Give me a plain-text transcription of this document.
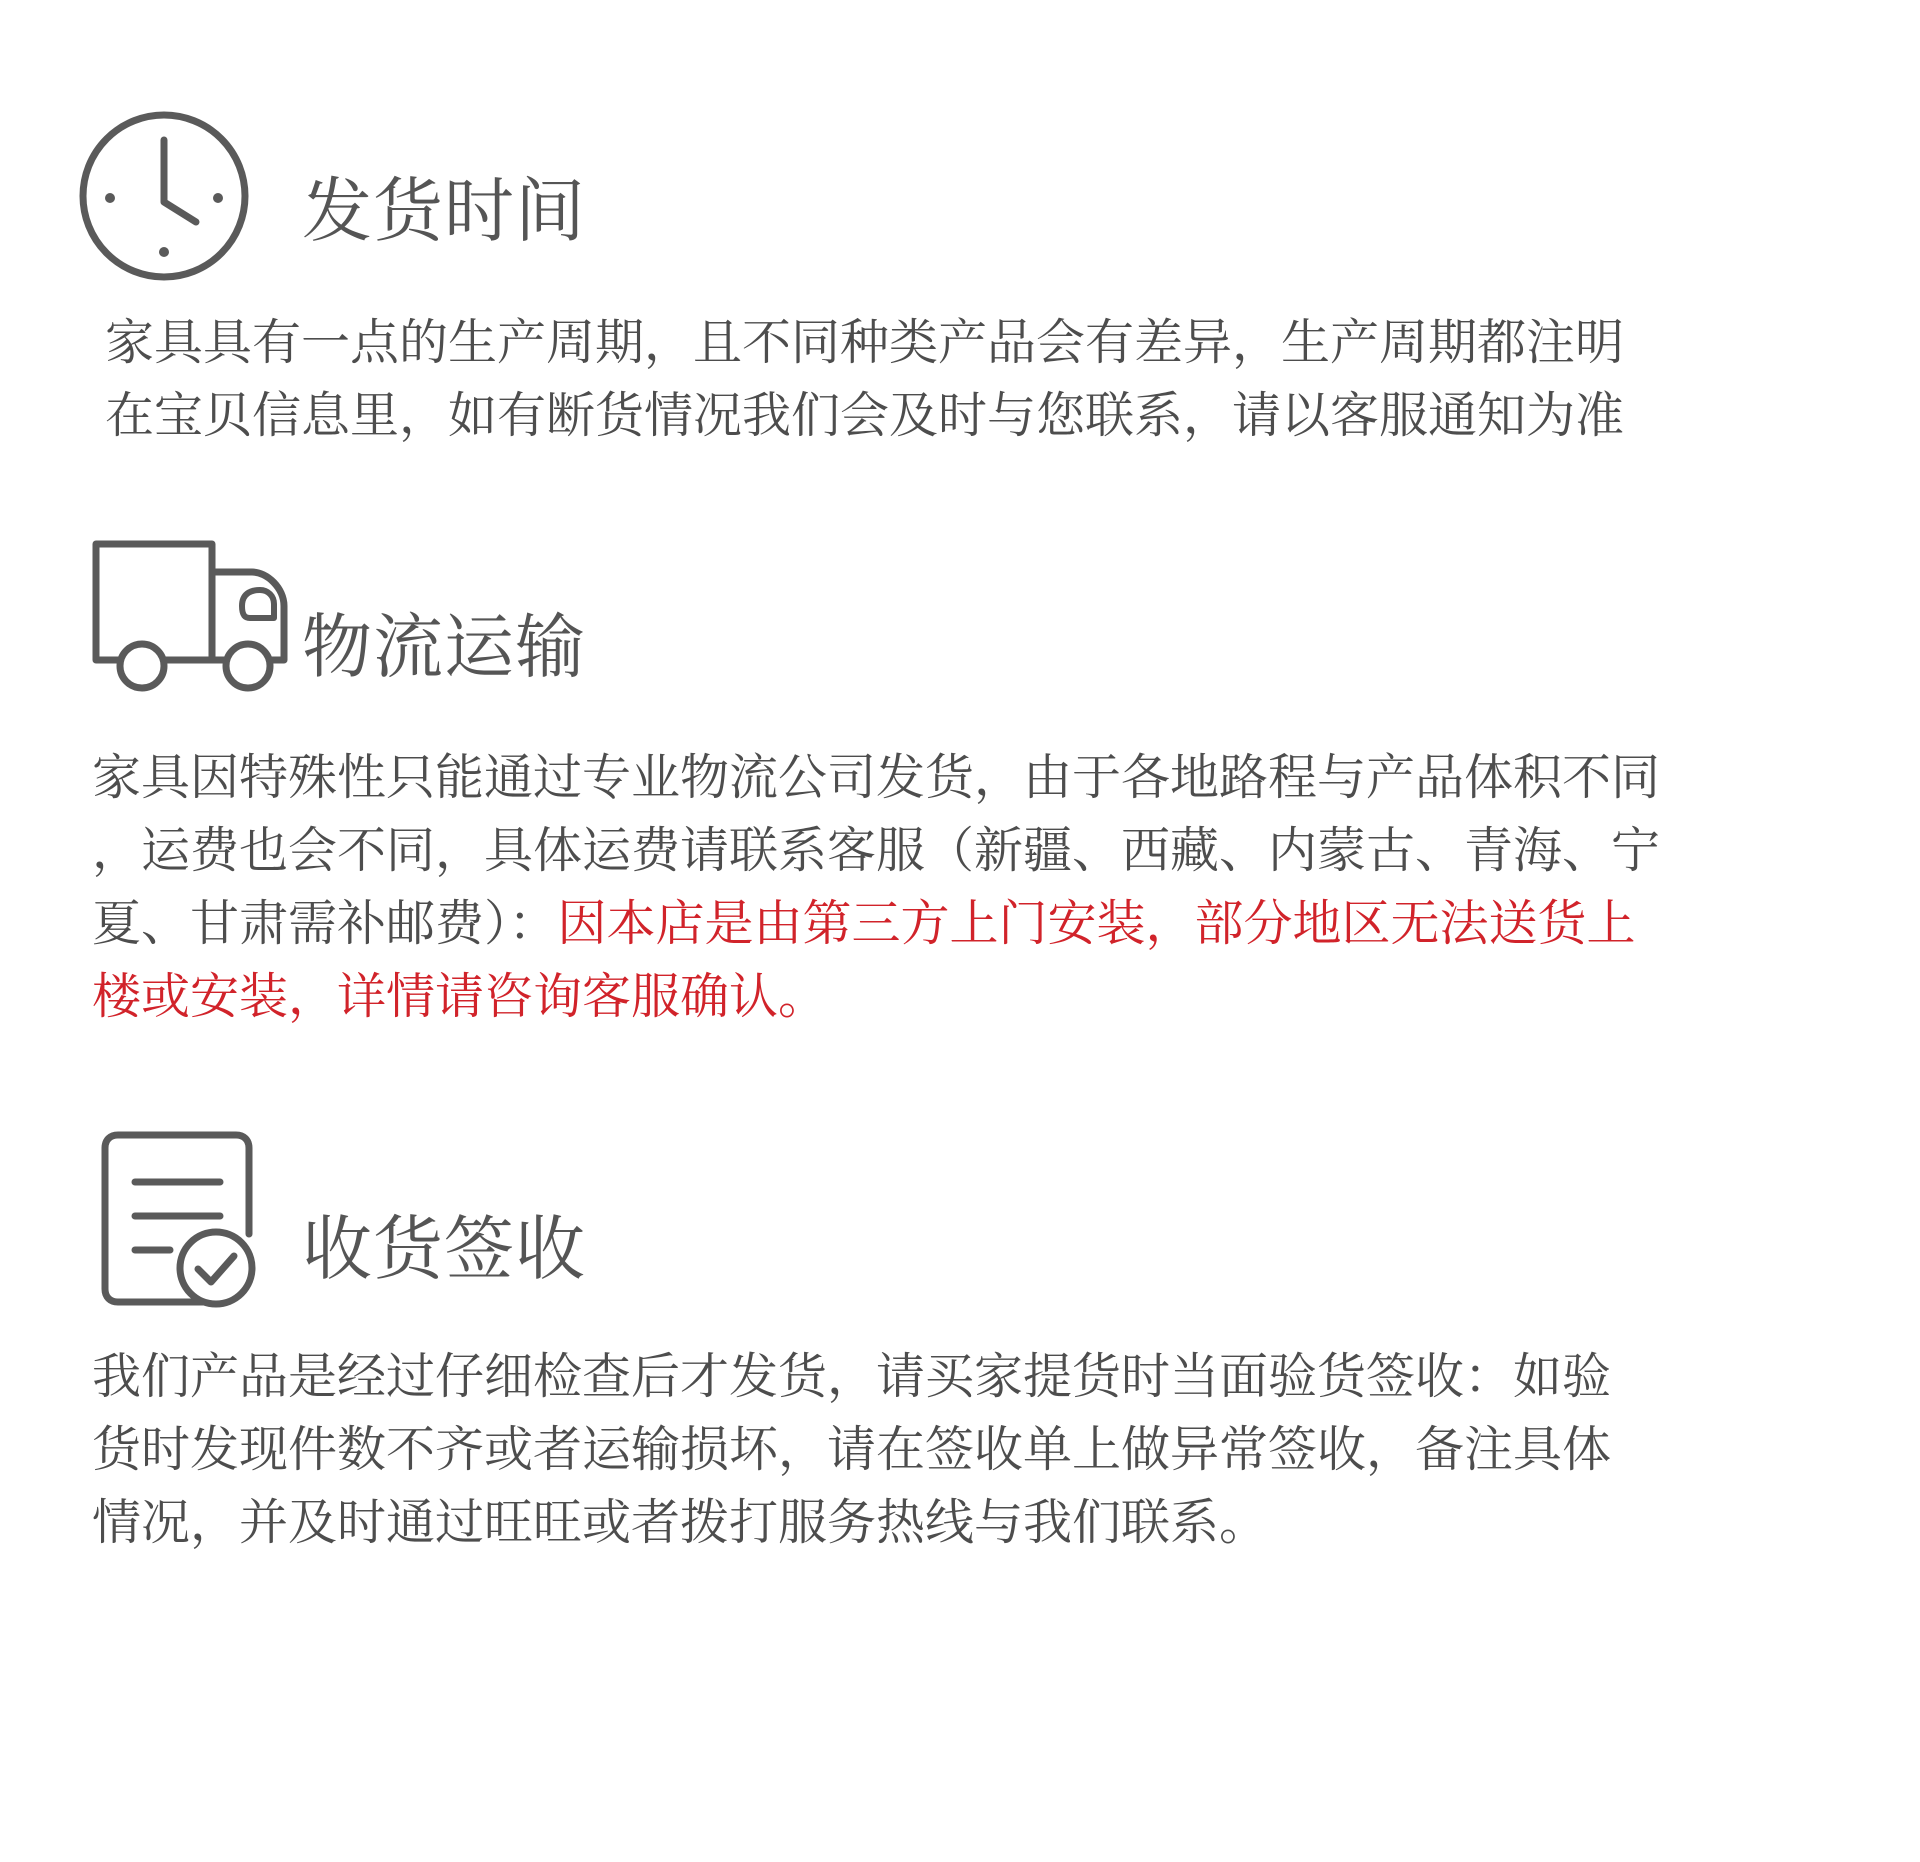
发货时间
家具具有一点的生产周期，且不同种类产品会有差异，生产周期都注明
在宝贝信息里，如有断货情况我们会及时与您联系，请以客服通知为准
物流运输
家具因特殊性只能通过专业物流公司发货，由于各地路程与产品体积不同
，运费也会不同，具体运费请联系客服（新疆、西藏、内蒙古、青海、宁
夏、甘肃需补邮费）：因本店是由第三方上门安装，部分地区无法送货上
楼或安装，详情请咨询客服确认。
收货签收
我们产品是经过仔细检查后才发货，请买家提货时当面验货签收：如验
货时发现件数不齐或者运输损坏，请在签收单上做异常签收，备注具体
情况，并及时通过旺旺或者拨打服务热线与我们联系。
